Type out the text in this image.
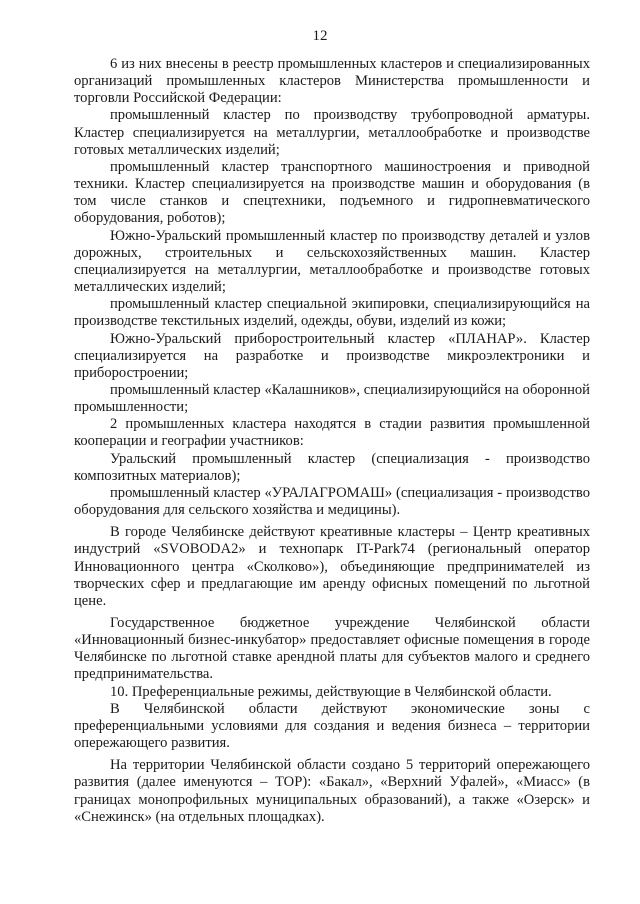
12

6 из них внесены в реестр промышленных кластеров и специализированных организаций промышленных кластеров Министерства промышленности и торговли Российской Федерации:

промышленный кластер по производству трубопроводной арматуры. Кластер специализируется на металлургии, металлообработке и производстве готовых металлических изделий;

промышленный кластер транспортного машиностроения и приводной техники. Кластер специализируется на производстве машин и оборудования (в том числе станков и спецтехники, подъемного и гидропневматического оборудования, роботов);

Южно-Уральский промышленный кластер по производству деталей и узлов дорожных, строительных и сельскохозяйственных машин. Кластер специализируется на металлургии, металлообработке и производстве готовых металлических изделий;

промышленный кластер специальной экипировки, специализирующийся на производстве текстильных изделий, одежды, обуви, изделий из кожи;

Южно-Уральский приборостроительный кластер «ПЛАНАР». Кластер специализируется на разработке и производстве микроэлектроники и приборостроении;

промышленный кластер «Калашников», специализирующийся на оборонной промышленности;

2 промышленных кластера находятся в стадии развития промышленной кооперации и географии участников:

Уральский промышленный кластер (специализация - производство композитных материалов);

промышленный кластер «УРАЛАГРОМАШ» (специализация - производство оборудования для сельского хозяйства и медицины).

В городе Челябинске действуют креативные кластеры – Центр креативных индустрий «SVOBODA2» и технопарк IT-Park74 (региональный оператор Инновационного центра «Сколково»), объединяющие предпринимателей из творческих сфер и предлагающие им аренду офисных помещений по льготной цене.

Государственное бюджетное учреждение Челябинской области «Инновационный бизнес-инкубатор» предоставляет офисные помещения в городе Челябинске по льготной ставке арендной платы для субъектов малого и среднего предпринимательства.

10. Преференциальные режимы, действующие в Челябинской области.

В Челябинской области действуют экономические зоны с преференциальными условиями для создания и ведения бизнеса – территории опережающего развития.

На территории Челябинской области создано 5 территорий опережающего развития (далее именуются – ТОР): «Бакал», «Верхний Уфалей», «Миасс» (в границах монопрофильных муниципальных образований), а также «Озерск» и «Снежинск» (на отдельных площадках).
